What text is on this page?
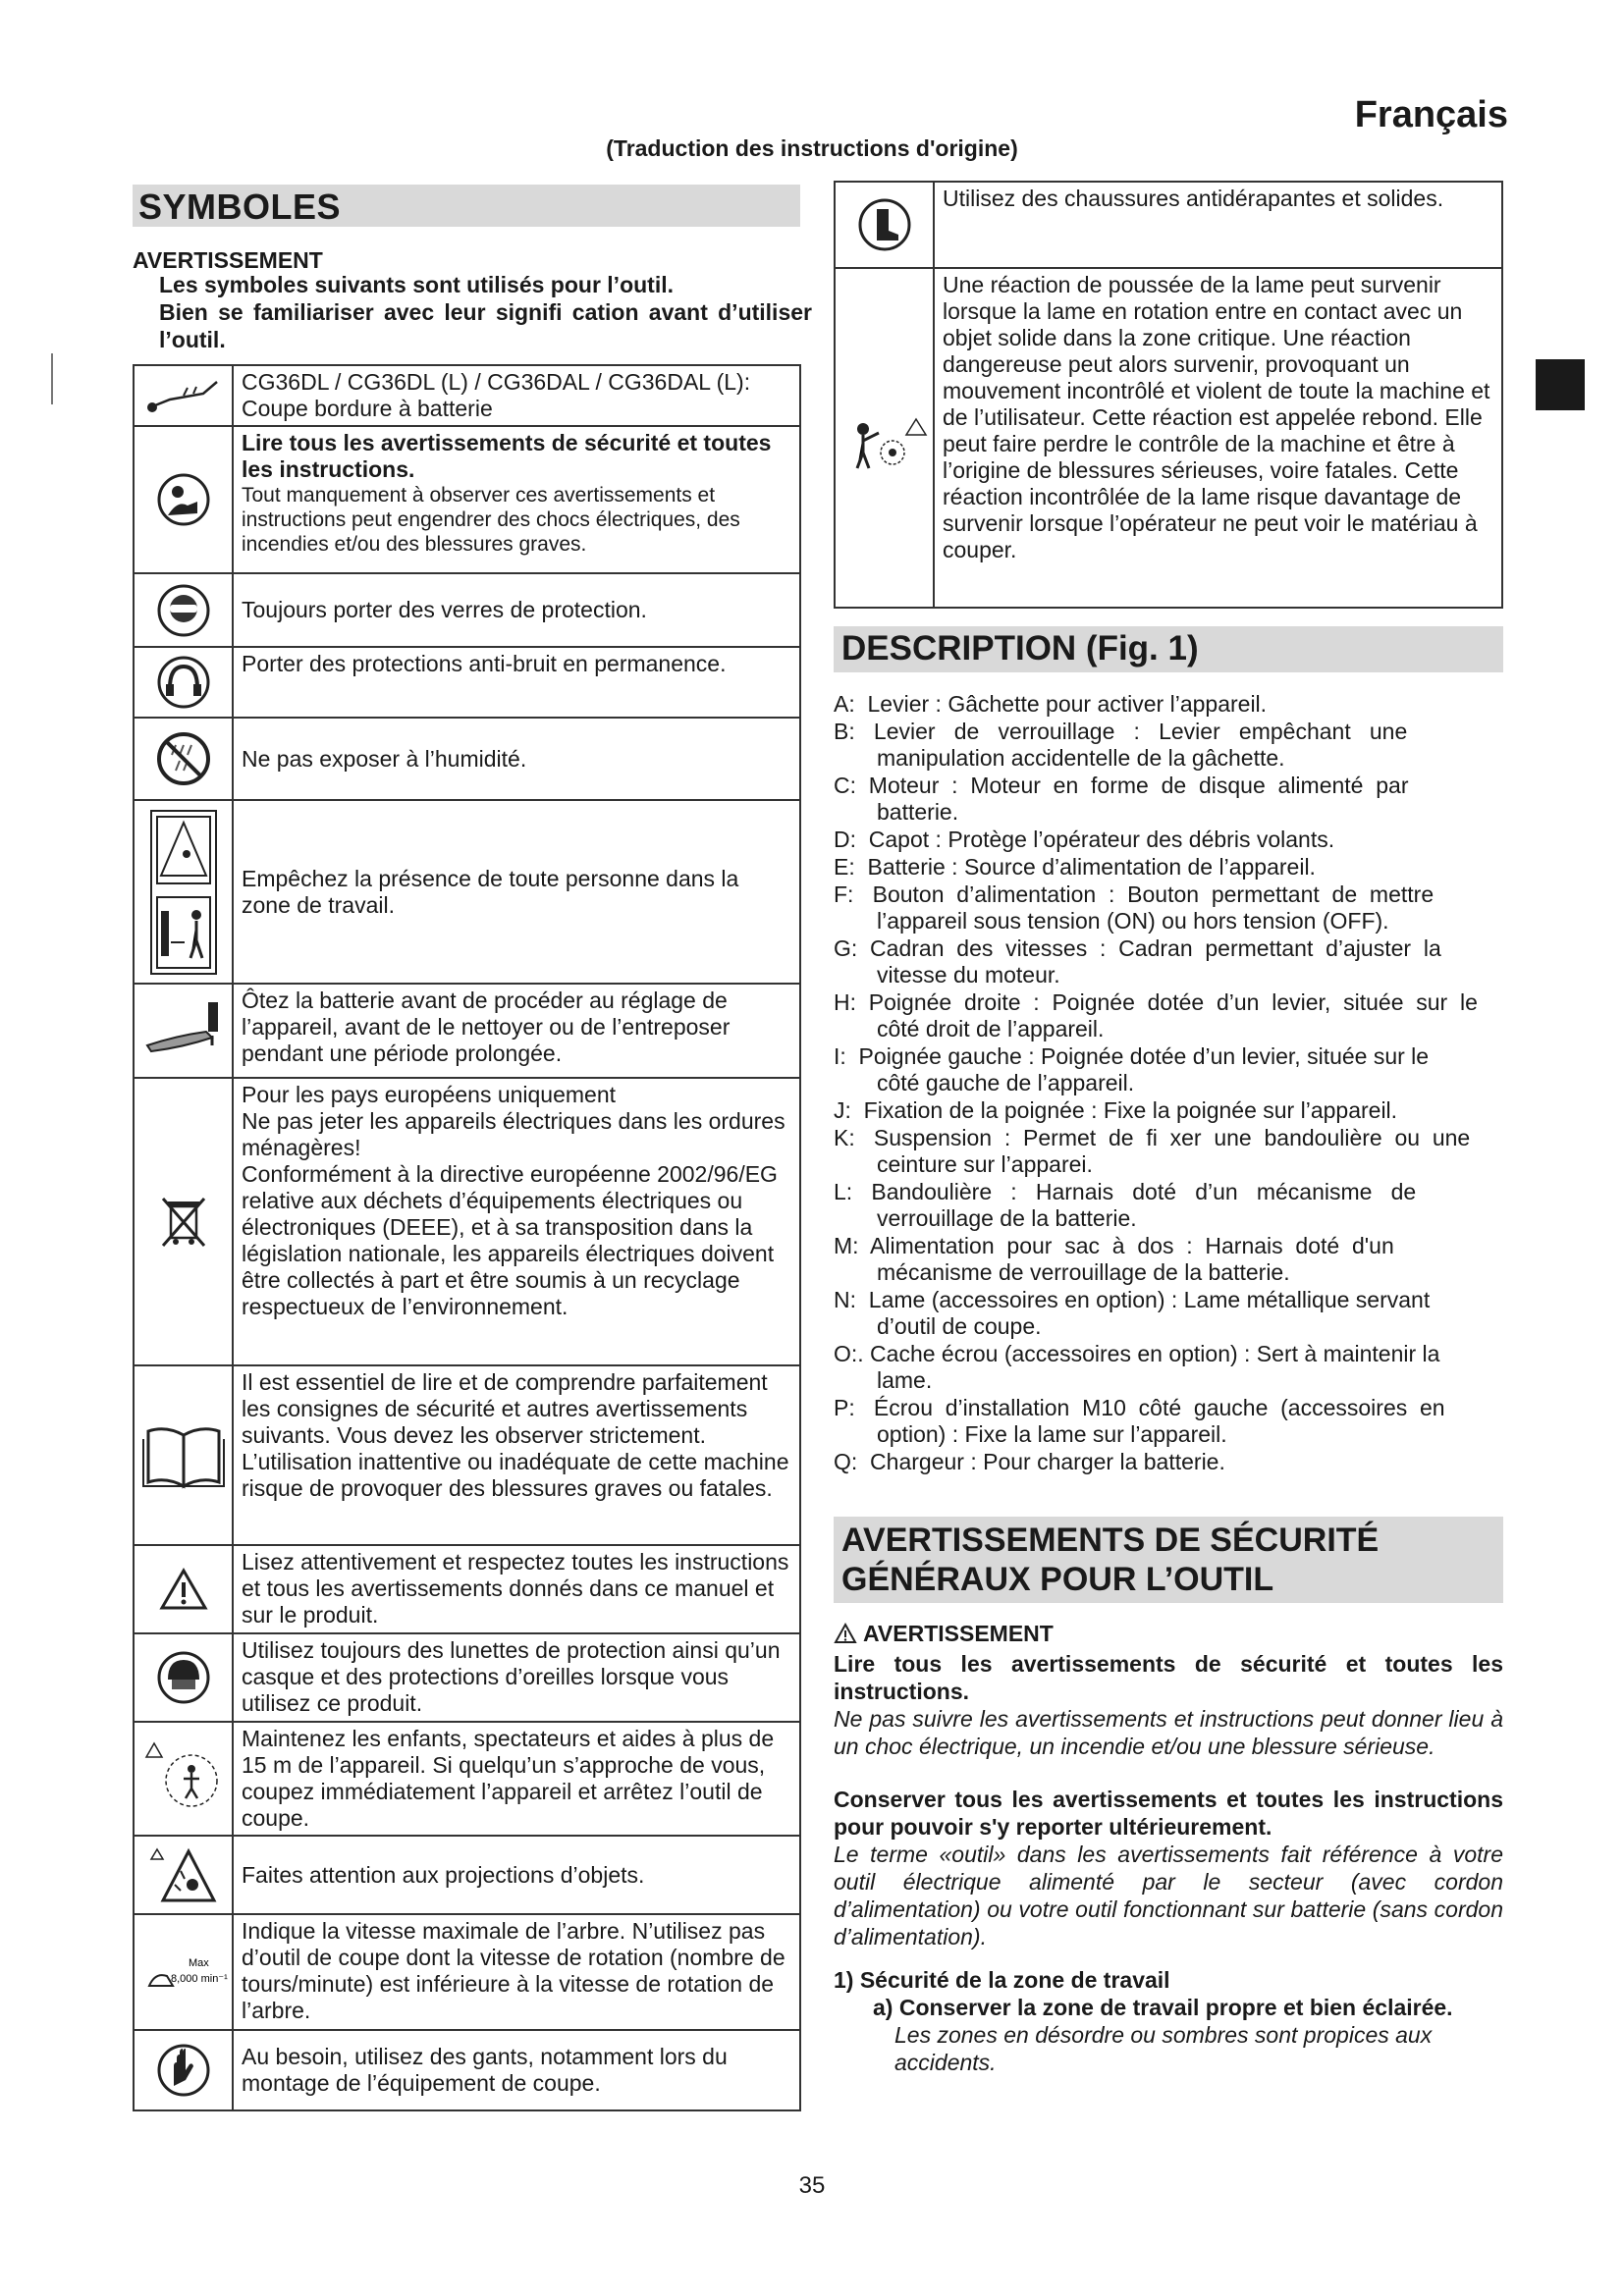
Français
(Traduction des instructions d'origine)
SYMBOLES
AVERTISSEMENT
Les symboles suivants sont utilisés pour l’outil.
Bien se familiariser avec leur signifi cation avant d’utiliser l’outil.
	CG36DL / CG36DL (L) / CG36DAL / CG36DAL (L): Coupe bordure à batterie

Lire tous les avertissements de sécurité et toutes les instructions.
Tout manquement à observer ces avertissements et instructions peut engendrer des chocs électriques, des incendies et/ou des blessures graves.

	Toujours porter des verres de protection.

	Porter des protections anti-bruit en permanence.

	Ne pas exposer à l’humidité.

	Empêchez la présence de toute personne dans la zone de travail.

	Ôtez la batterie avant de procéder au réglage de l’appareil, avant de le nettoyer ou de l’entreposer pendant une période prolongée.

Pour les pays européens uniquement
Ne pas jeter les appareils électriques dans les ordures ménagères!
Conformément à la directive européenne 2002/96/EG relative aux déchets d’équipements électriques ou électroniques (DEEE), et à sa transposition dans la législation nationale, les appareils électriques doivent être collectés à part et être soumis à un recyclage respectueux de l’environnement.

	Il est essentiel de lire et de comprendre parfaitement les consignes de sécurité et autres avertissements suivants. Vous devez les observer strictement. L’utilisation inattentive ou inadéquate de cette machine risque de provoquer des blessures graves ou fatales.

	Lisez attentivement et respectez toutes les instructions et tous les avertissements donnés dans ce manuel et sur le produit.

	Utilisez toujours des lunettes de protection ainsi qu’un casque et des protections d’oreilles lorsque vous utilisez ce produit.

	Maintenez les enfants, spectateurs et aides à plus de 15 m de l’appareil. Si quelqu’un s’approche de vous, coupez immédiatement l’appareil et arrêtez l’outil de coupe.

	Faites attention aux projections d’objets.

Max
8,000 min⁻¹	Indique la vitesse maximale de l’arbre. N’utilisez pas d’outil de coupe dont la vitesse de rotation (nombre de tours/minute) est inférieure à la vitesse de rotation de l’arbre.

	Au besoin, utilisez des gants, notamment lors du montage de l’équipement de coupe.
	Utilisez des chaussures antidérapantes et solides.

	Une réaction de poussée de la lame peut survenir lorsque la lame en rotation entre en contact avec un objet solide dans la zone critique. Une réaction dangereuse peut alors survenir, provoquant un mouvement incontrôlé et violent de toute la machine et de l’utilisateur. Cette réaction est appelée rebond. Elle peut faire perdre le contrôle de la machine et être à l’origine de blessures sérieuses, voire fatales. Cette réaction incontrôlée de la lame risque davantage de survenir lorsque l’opérateur ne peut voir le matériau à couper.
DESCRIPTION (Fig. 1)
A:  Levier : Gâchette pour activer l’appareil.
B:   Levier   de   verrouillage   :   Levier   empêchant   une
manipulation accidentelle de la gâchette.
C:  Moteur  :  Moteur  en  forme  de  disque  alimenté  par
batterie.
D:  Capot : Protège l’opérateur des débris volants.
E:  Batterie : Source d’alimentation de l’appareil.
F:   Bouton  d’alimentation  :  Bouton  permettant  de  mettre
l’appareil sous tension (ON) ou hors tension (OFF).
G:  Cadran  des  vitesses  :  Cadran  permettant  d’ajuster  la
vitesse du moteur.
H:  Poignée  droite  :  Poignée  dotée  d’un  levier,  située  sur  le
côté droit de l’appareil.
I:  Poignée gauche : Poignée dotée d’un levier, située sur le
côté gauche de l’appareil.
J:  Fixation de la poignée : Fixe la poignée sur l’appareil.
K:   Suspension  :  Permet  de  fi  xer  une  bandoulière  ou  une
ceinture sur l’apparei.
L:   Bandoulière   :   Harnais   doté   d’un   mécanisme   de
verrouillage de la batterie.
M:  Alimentation  pour  sac  à  dos  :  Harnais  doté  d'un
mécanisme de verrouillage de la batterie.
N:  Lame (accessoires en option) : Lame métallique servant
d’outil de coupe.
O:. Cache écrou (accessoires en option) : Sert à maintenir la
lame.
P:   Écrou  d’installation  M10  côté  gauche  (accessoires  en
option) : Fixe la lame sur l’appareil.
Q:  Chargeur : Pour charger la batterie.
AVERTISSEMENTS DE SÉCURITÉ
GÉNÉRAUX POUR L’OUTIL

AVERTISSEMENT

Lire tous les avertissements de sécurité et toutes les instructions.

Ne pas suivre les avertissements et instructions peut donner lieu à un choc électrique, un incendie et/ou une blessure sérieuse.

Conserver tous les avertissements et toutes les instructions pour pouvoir s'y reporter ultérieurement.

Le terme «outil» dans les avertissements fait référence à votre outil électrique alimenté par le secteur (avec cordon d’alimentation) ou votre outil fonctionnant sur batterie (sans cordon d’alimentation).

1) Sécurité de la zone de travail

a) Conserver la zone de travail propre et bien éclairée.

Les zones en désordre ou sombres sont propices aux accidents.

35
